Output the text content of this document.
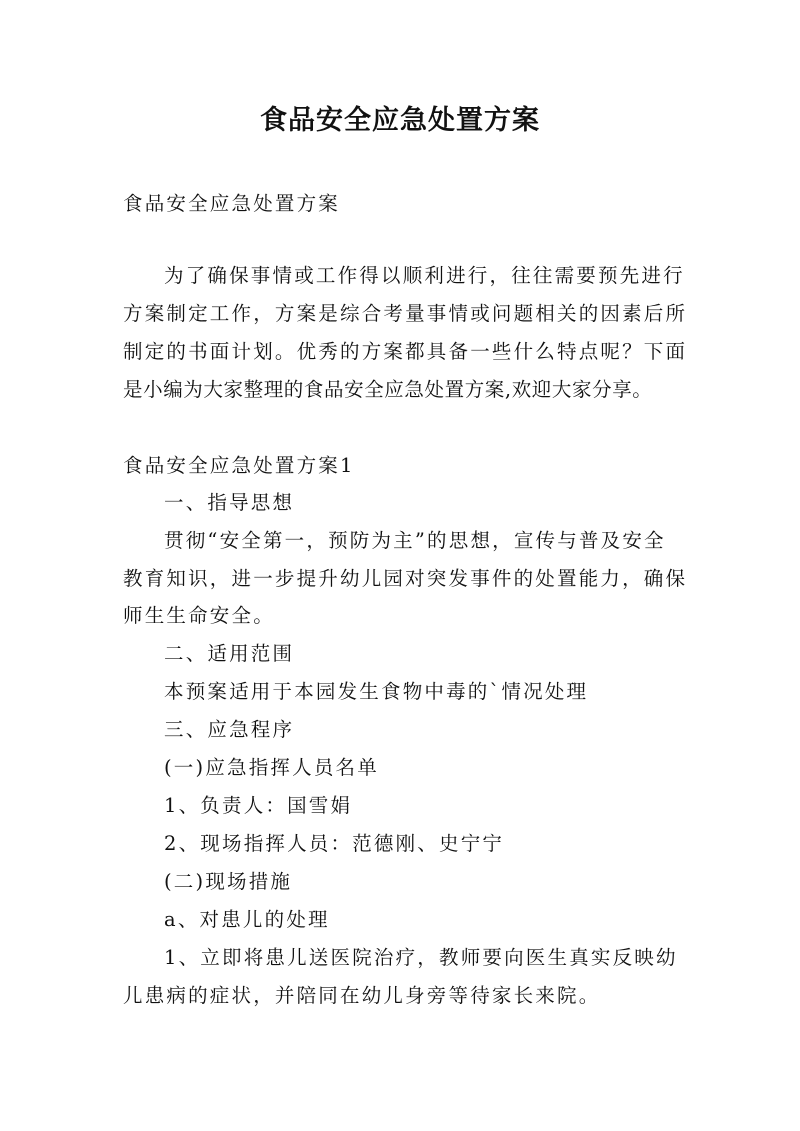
食品安全应急处置方案
食品安全应急处置方案
为了确保事情或工作得以顺利进行，往往需要预先进行
方案制定工作，方案是综合考量事情或问题相关的因素后所
制定的书面计划。优秀的方案都具备一些什么特点呢？下面
是小编为大家整理的食品安全应急处置方案,欢迎大家分享。
食品安全应急处置方案1
一、指导思想
贯彻“安全第一，预防为主”的思想，宣传与普及安全
教育知识，进一步提升幼儿园对突发事件的处置能力，确保
师生生命安全。
二、适用范围
本预案适用于本园发生食物中毒的`情况处理
三、应急程序
(一)应急指挥人员名单
1、负责人：国雪娟
2、现场指挥人员：范德刚、史宁宁
(二)现场措施
a、对患儿的处理
1、立即将患儿送医院治疗，教师要向医生真实反映幼
儿患病的症状，并陪同在幼儿身旁等待家长来院。
